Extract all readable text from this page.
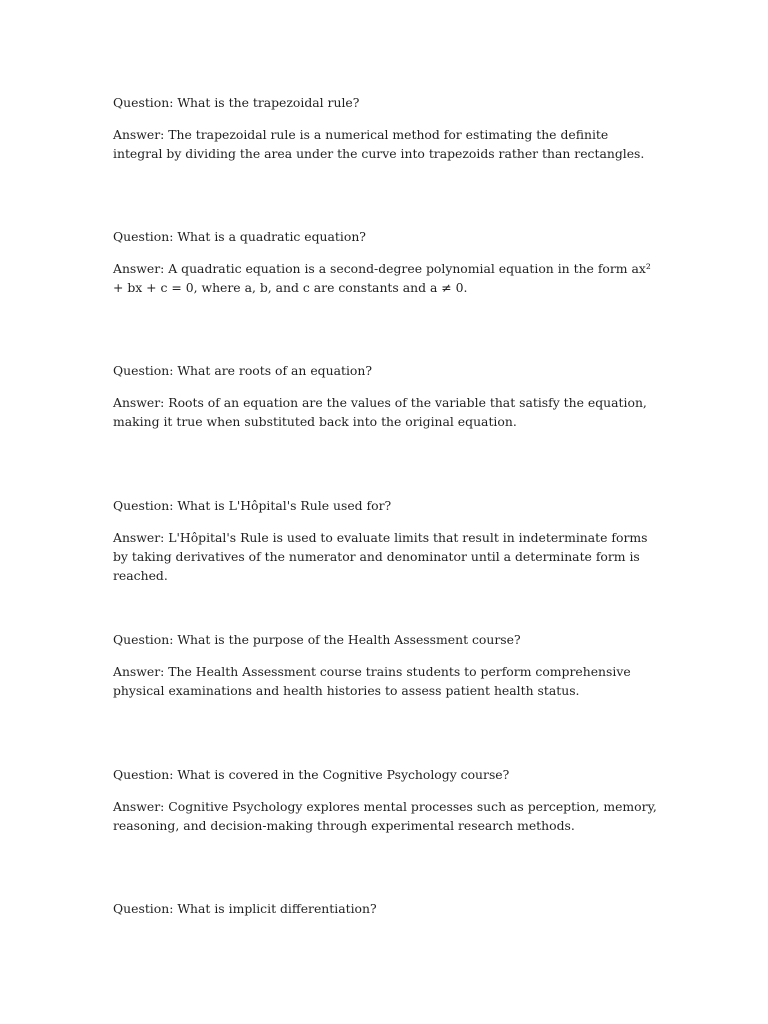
Question: What is the trapezoidal rule?

Answer: The trapezoidal rule is a numerical method for estimating the definite integral by dividing the area under the curve into trapezoids rather than rectangles.

Question: What is a quadratic equation?

Answer: A quadratic equation is a second-degree polynomial equation in the form ax² + bx + c = 0, where a, b, and c are constants and a ≠ 0.

Question: What are roots of an equation?

Answer: Roots of an equation are the values of the variable that satisfy the equation, making it true when substituted back into the original equation.

Question: What is L'Hôpital's Rule used for?

Answer: L'Hôpital's Rule is used to evaluate limits that result in indeterminate forms by taking derivatives of the numerator and denominator until a determinate form is reached.

Question: What is the purpose of the Health Assessment course?

Answer: The Health Assessment course trains students to perform comprehensive physical examinations and health histories to assess patient health status.

Question: What is covered in the Cognitive Psychology course?

Answer: Cognitive Psychology explores mental processes such as perception, memory, reasoning, and decision-making through experimental research methods.

Question: What is implicit differentiation?
